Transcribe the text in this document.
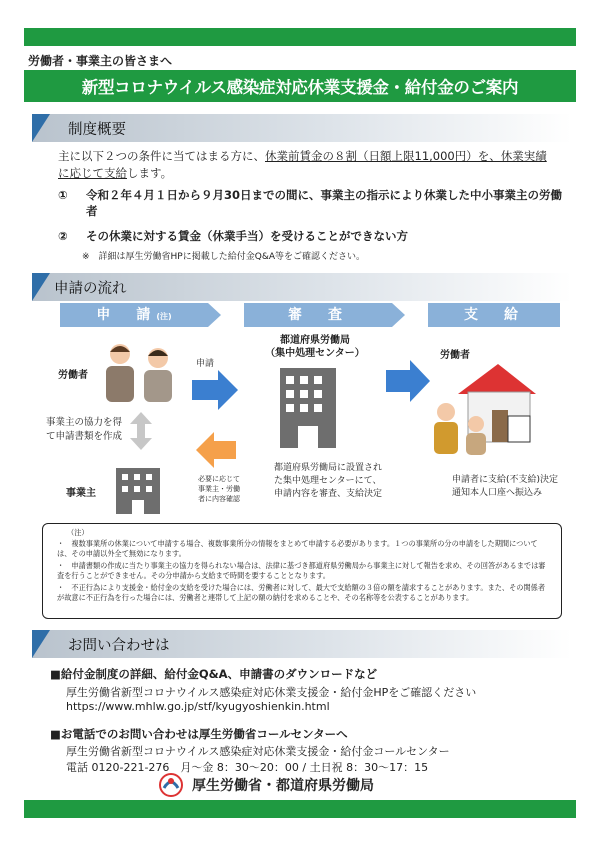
労働者・事業主の皆さまへ
新型コロナウイルス感染症対応休業支援金・給付金のご案内
制度概要
主に以下２つの条件に当てはまる方に、休業前賃金の８割（日額上限11,000円）を、休業実績に応じて支給します。
①	令和２年４月１日から９月30日までの間に、事業主の指示により休業した中小事業主の労働者
②	その休業に対する賃金（休業手当）を受けることができない方
※　詳細は厚生労働省HPに掲載した給付金Q&A等をご確認ください。
申請の流れ
申　請(注)	審　査	支　給
労働者
事業主の協力を得て申請書類を作成
事業主
申請
必要に応じて事業主・労働者に内容確認
都道府県労働局
（集中処理センター）
都道府県労働局に設置された集中処理センターにて、申請内容を審査、支給決定
労働者
申請者に支給(不支給)決定通知本人口座へ振込み
（注）
・　複数事業所の休業について申請する場合、複数事業所分の情報をまとめて申請する必要があります。１つの事業所の分の申請をした期間については、その申請以外全て無効になります。
・　申請書類の作成に当たり事業主の協力を得られない場合は、法律に基づき都道府県労働局から事業主に対して報告を求め、その回答があるまでは審査を行うことができません。その分申請から支給まで時間を要することとなります。
・　不正行為により支援金・給付金の支給を受けた場合には、労働者に対して、最大で支給額の３倍の額を請求することがあります。また、その関係者が故意に不正行為を行った場合には、労働者と連帯して上記の額の納付を求めることや、その名称等を公表することがあります。
お問い合わせは
■給付金制度の詳細、給付金Q&A、申請書のダウンロードなど
厚生労働省新型コロナウイルス感染症対応休業支援金・給付金HPをご確認ください
https://www.mhlw.go.jp/stf/kyugyoshienkin.html
■お電話でのお問い合わせは厚生労働省コールセンターへ
厚生労働省新型コロナウイルス感染症対応休業支援金・給付金コールセンター
電話 0120-221-276　月～金 8：30～20：00 / 土日祝 8：30～17：15
厚生労働省・都道府県労働局
